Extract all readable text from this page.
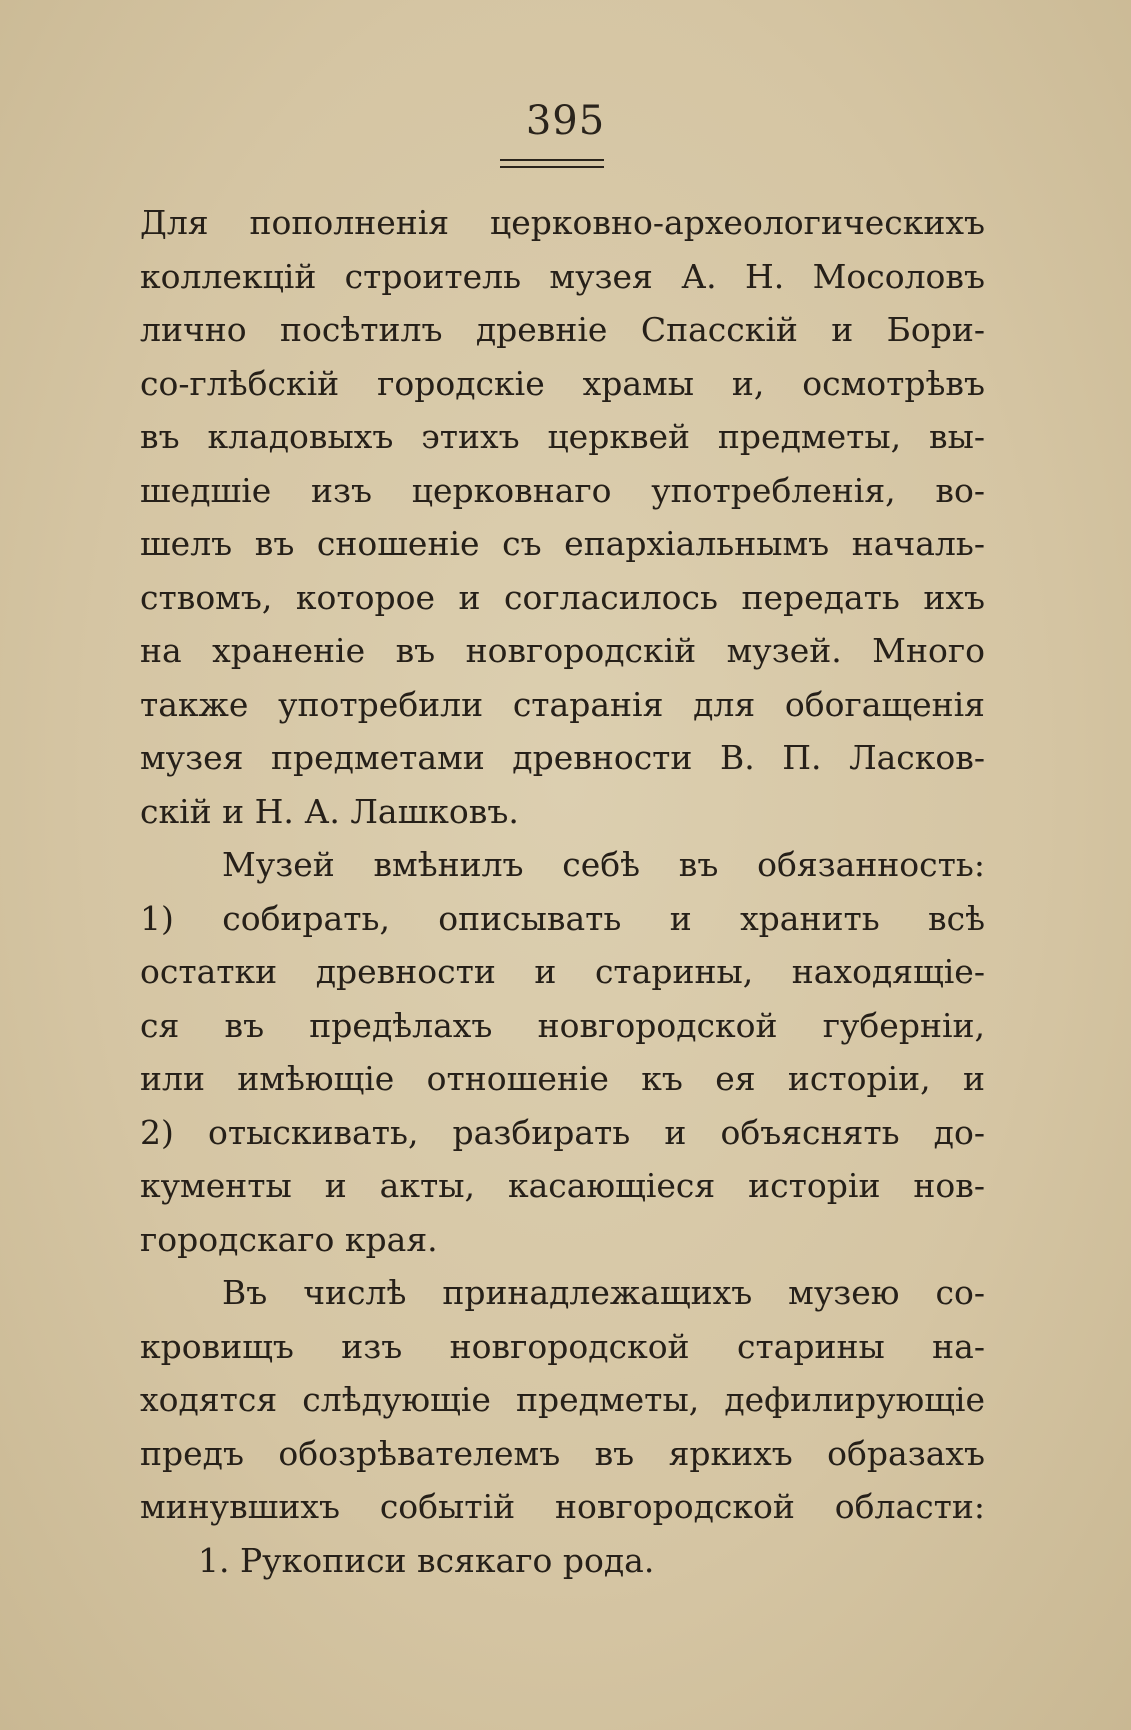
395
Для пополненія церковно-археологическихъ
коллекцій строитель музея А. Н. Мосоловъ
лично посѣтилъ древніе Спасскій и Бори-
со-глѣбскій городскіе храмы и, осмотрѣвъ
въ кладовыхъ этихъ церквей предметы, вы-
шедшіе изъ церковнаго употребленія, во-
шелъ въ сношеніе съ епархіальнымъ началь-
ствомъ, которое и согласилось передать ихъ
на храненіе въ новгородскій музей. Много
также употребили старанія для обогащенія
музея предметами древности В. П. Ласков-
скій и Н. А. Лашковъ.
Музей вмѣнилъ себѣ въ обязанность:
1) собирать, описывать и хранить всѣ
остатки древности и старины, находящіе-
ся въ предѣлахъ новгородской губерніи,
или имѣющіе отношеніе къ ея исторіи, и
2) отыскивать, разбирать и объяснять до-
кументы и акты, касающіеся исторіи нов-
городскаго края.
Въ числѣ принадлежащихъ музею со-
кровищъ изъ новгородской старины на-
ходятся слѣдующіе предметы, дефилирующіе
предъ обозрѣвателемъ въ яркихъ образахъ
минувшихъ событій новгородской области:
1. Рукописи всякаго рода.
